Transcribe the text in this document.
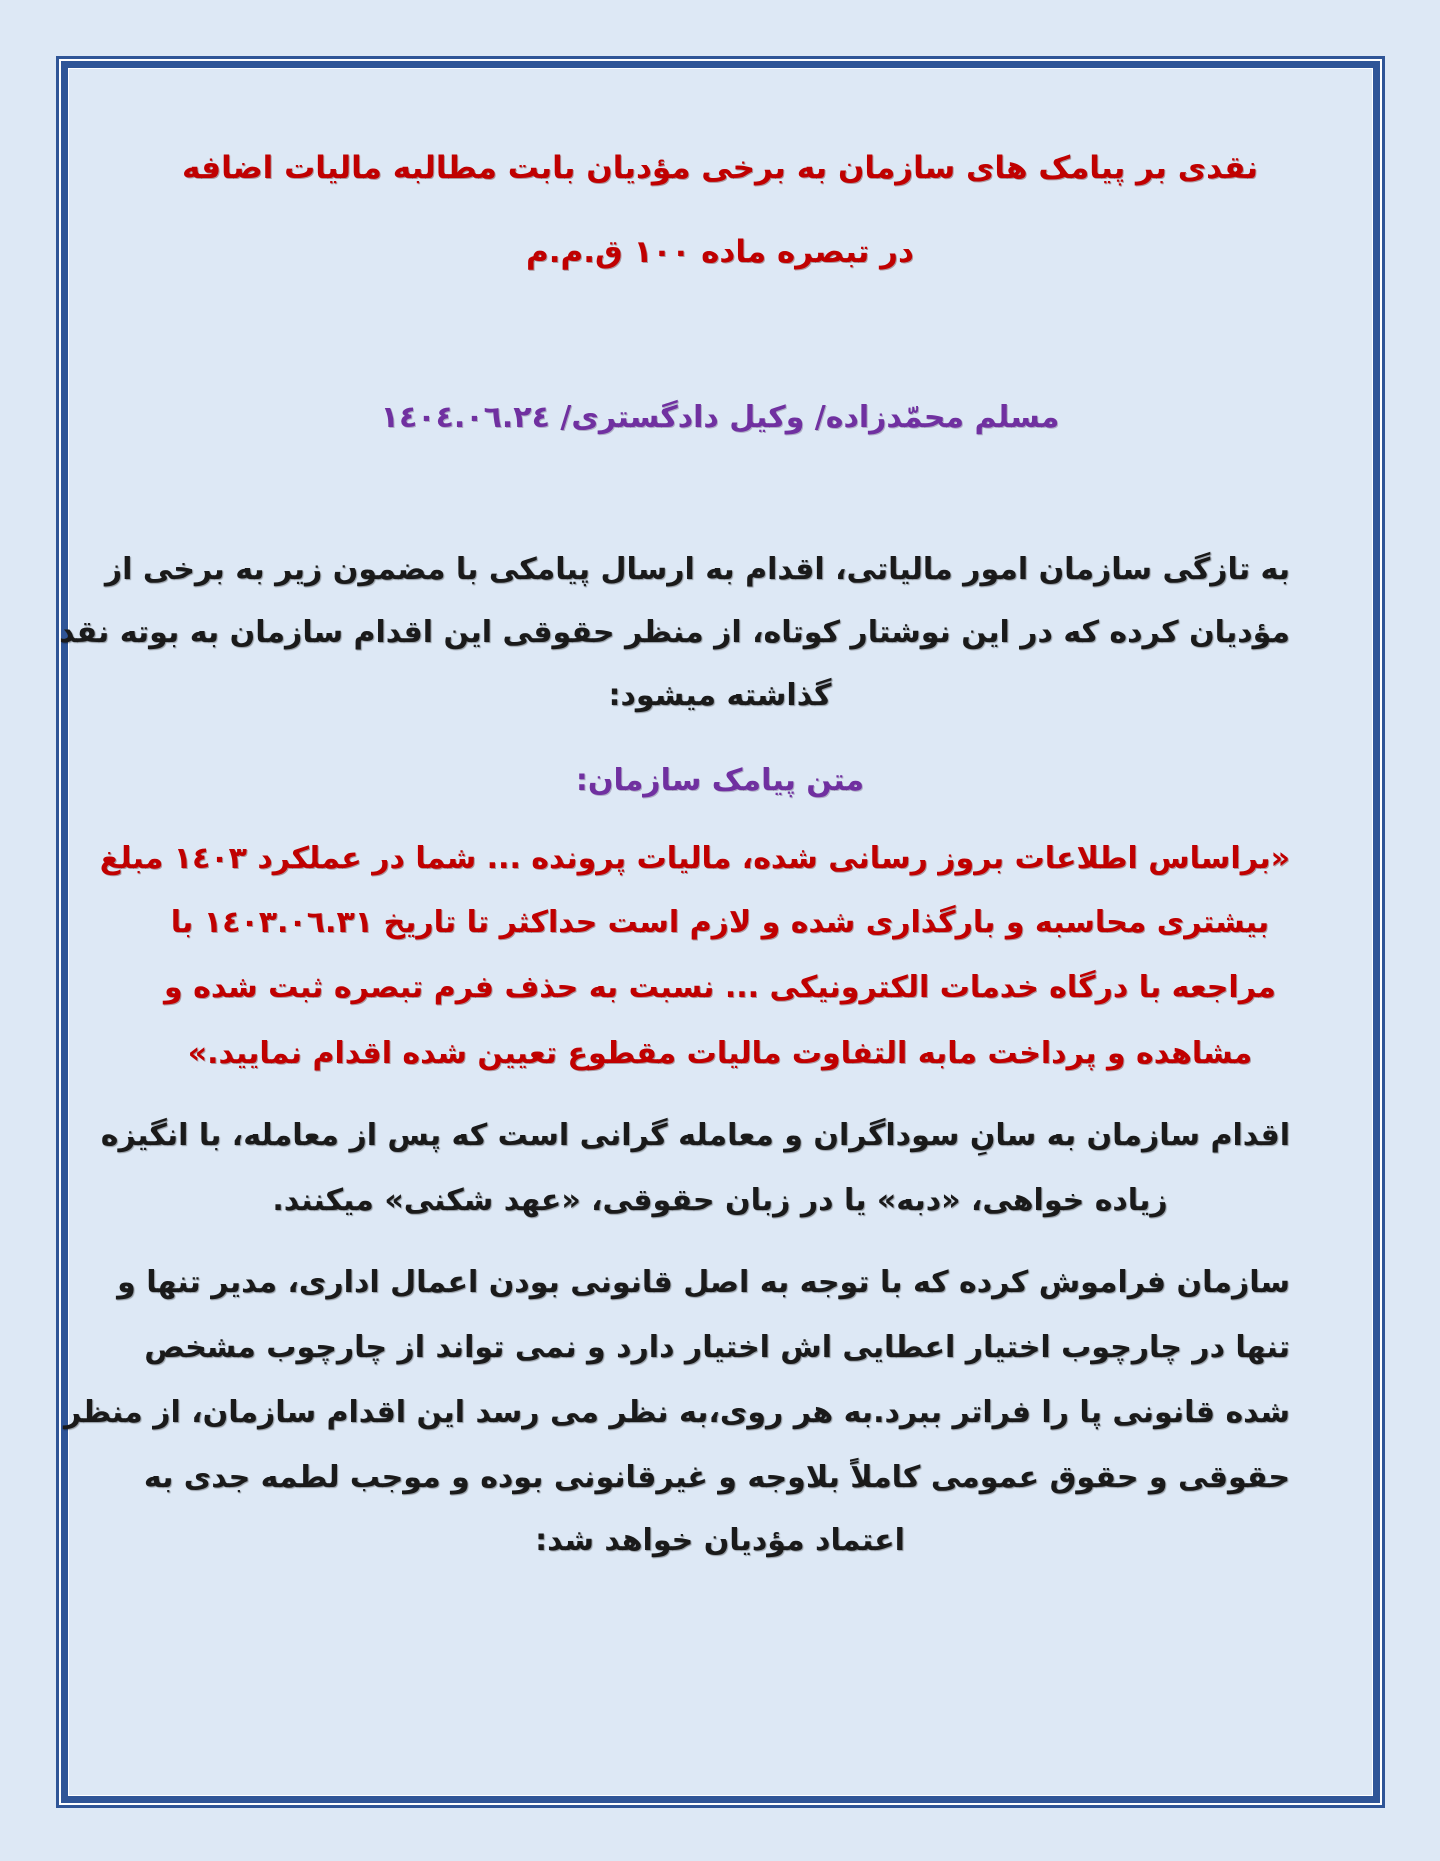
نقدی بر پیامک های سازمان به برخی مؤدیان بابت مطالبه مالیات اضافه
در تبصره ماده ۱۰۰ ق.م.م
مسلم محمّدزاده/ وکیل دادگستری/ ١٤٠٤.٠٦.٢٤
به تازگی سازمان امور مالیاتی، اقدام به ارسال پیامکی با مضمون زیر به برخی از
مؤدیان کرده که در این نوشتار کوتاه، از منظر حقوقی این اقدام سازمان به بوته نقد
گذاشته میشود:
متن پیامک سازمان:
«براساس اطلاعات بروز رسانی شده، مالیات پرونده ... شما در عملکرد ١٤٠٣ مبلغ
بیشتری محاسبه و بارگذاری شده و لازم است حداکثر تا تاریخ ١٤٠٣.٠٦.٣١ با
مراجعه با درگاه خدمات الکترونیکی ... نسبت به حذف فرم تبصره ثبت شده و
مشاهده و پرداخت مابه التفاوت مالیات مقطوع تعیین شده اقدام نمایید.»
اقدام سازمان به سانِ سوداگران و معامله گرانی است که پس از معامله، با انگیزه
زیاده خواهی، «دبه» یا در زبان حقوقی، «عهد شکنی» میکنند.
سازمان فراموش کرده که با توجه به اصل قانونی بودن اعمال اداری، مدیر تنها و
تنها در چارچوب اختیار اعطایی اش اختیار دارد و نمی تواند از چارچوب مشخص
شده قانونی پا را فراتر ببرد.به هر روی،به نظر می رسد این اقدام سازمان، از منظر
حقوقی و حقوق عمومی کاملاً بلاوجه و غیرقانونی بوده و موجب لطمه جدی به
اعتماد مؤدیان خواهد شد:
